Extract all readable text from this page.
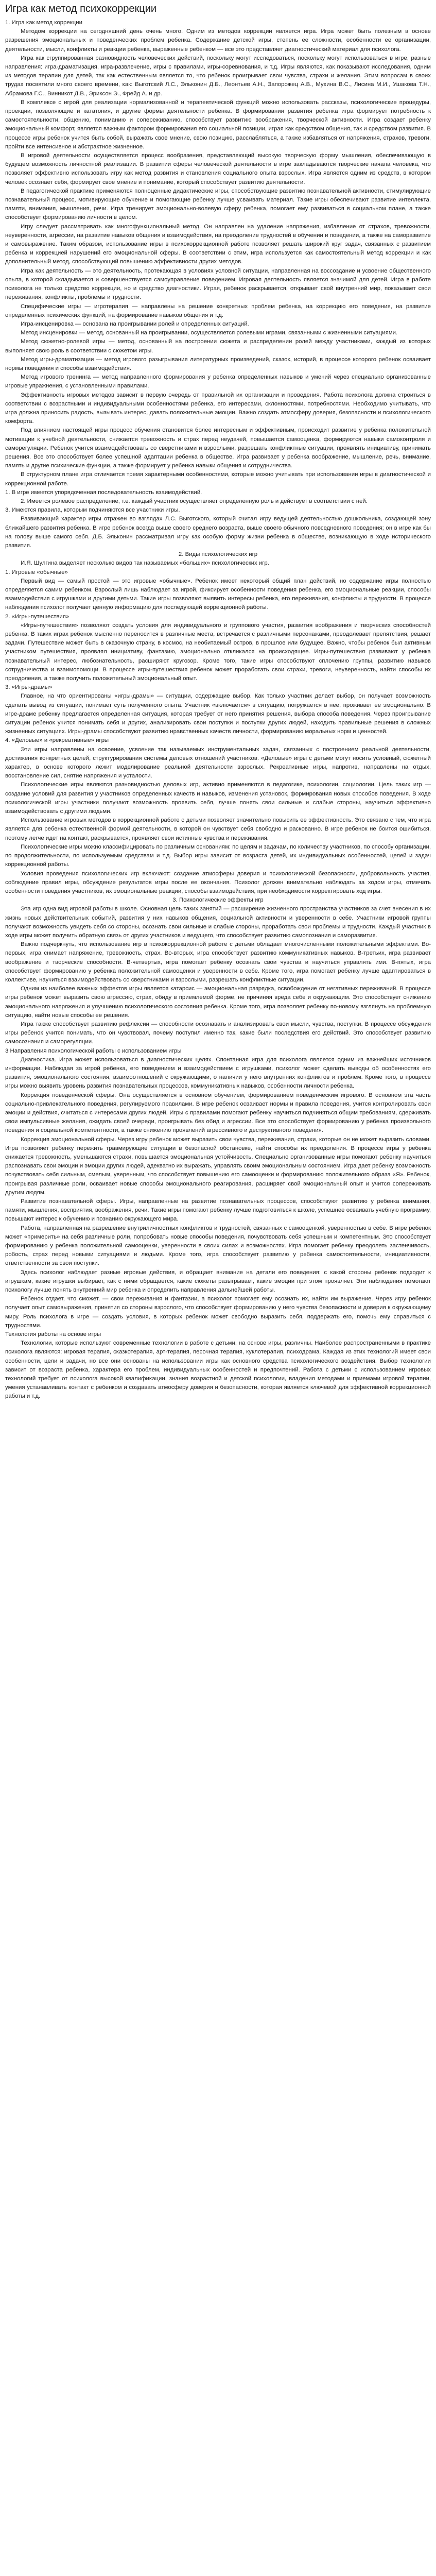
Игра как метод психокоррекции

1. Игра как метод коррекции

Методом коррекции на сегодняшний день очень много. Одним из методов коррекции является игра. Игра может быть полезным в основе разрешения эмоциональных и поведенческих проблем ребенка. Содержание детской игры, степень ее сложности, особенности ее организации, деятельности, мысли, конфликты и реакции ребенка, выраженные ребенком — все это представляет диагностический материал для психолога.

Игра как сгруппированная разновидность человеческих действий, поскольку могут исследоваться, поскольку могут использоваться в игре, разные направления: игра-драматизация, игра-развлечение, игры с правилами, игры-соревнования, и т.д. Игры являются, как показывают исследования, одним из методов терапии для детей, так как естественным является то, что ребенок проигрывает свои чувства, страхи и желания. Этим вопросам в своих трудах посвятили много своего времени, как: Выготский Л.С., Эльконин Д.Б., Леонтьев А.Н., Запорожец А.В., Мухина В.С., Лисина М.И., Ушакова Т.Н., Абрамова Г.С., Винникот Д.В., Эриксон Э., Фрейд А. и др.

В комплексе с игрой для реализации нормализованной и терапевтической функций можно использовать рассказы, психологические процедуры, проекции, позволяющие и кататония, и другие формы деятельности ребенка. В формировании развития ребенка игра формирует потребность к самостоятельности, общению, пониманию и сопереживанию, способствует развитию воображения, творческой активности. Игра создает ребенку эмоциональный комфорт, является важным фактором формирования его социальной позиции, играя как средством общения, так и средством развития. В процессе игры ребенок учится быть собой, выражать свое мнение, свою позицию, расслабляться, а также избавляться от напряжения, страхов, тревоги, пройти все интенсивное и абстрактное жизненное.

В игровой деятельности осуществляется процесс вообразения, представляющий высокую творческую форму мышления, обеспечивающую в будущем возможность личностной реализации. В развитии сферы человеческой деятельности в игре закладываются творческие начала человека, что позволяет эффективно использовать игру как метод развития и становления социального опыта взрослых. Игра является одним из средств, в котором человек осознает себя, формирует свое мнение и понимание, который способствует развитию деятельности.

В педагогической практике применяются полноценные дидактические игры, способствующие развитию познавательной активности, стимулирующие познавательный процесс, мотивирующие обучение и помогающие ребенку лучше усваивать материал. Такие игры обеспечивают развитие интеллекта, памяти, внимания, мышления, речи. Игра тренирует эмоционально-волевую сферу ребенка, помогает ему развиваться в социальном плане, а также способствует формированию личности в целом.

Игру следует рассматривать как многофункциональный метод. Он направлен на удаление напряжения, избавление от страхов, тревожности, неуверенности, агрессии, на развитие навыков общения и взаимодействия, на преодоление трудностей в обучении и поведении, а также на саморазвитие и самовыражение. Таким образом, использование игры в психокоррекционной работе позволяет решать широкий круг задач, связанных с развитием ребенка и коррекцией нарушений его эмоциональной сферы. В соответствии с этим, игра используется как самостоятельный метод коррекции и как дополнительный метод, способствующий повышению эффективности других методов.

Игра как деятельность — это деятельность, протекающая в условиях условной ситуации, направленная на воссоздание и усвоение общественного опыта, в которой складывается и совершенствуется самоуправление поведением. Игровая деятельность является значимой для детей. Игра в работе психолога не только средство коррекции, но и средство диагностики. Играя, ребенок раскрывается, открывает свой внутренний мир, показывает свои переживания, конфликты, проблемы и трудности.

Специфические игры — игротерапия — направлены на решение конкретных проблем ребенка, на коррекцию его поведения, на развитие определенных психических функций, на формирование навыков общения и т.д.

Игра-инсценировка — основана на проигрывании ролей и определенных ситуаций.

Метод инсценировки — метод, основанный на проигрывании, осуществляется ролевыми играми, связанными с жизненными ситуациями.

Метод сюжетно-ролевой игры — метод, основанный на построении сюжета и распределении ролей между участниками, каждый из которых выполняет свою роль в соответствии с сюжетом игры.

Метод игры-драматизации — метод игрового разыгрывания литературных произведений, сказок, историй, в процессе которого ребенок осваивает нормы поведения и способы взаимодействия.

Метод игрового тренинга — метод направленного формирования у ребенка определенных навыков и умений через специально организованные игровые упражнения, с установленными правилами.

Эффективность игровых методов зависит в первую очередь от правильной их организации и проведения. Работа психолога должна строиться в соответствии с возрастными и индивидуальными особенностями ребенка, его интересами, склонностями, потребностями. Необходимо учитывать, что игра должна приносить радость, вызывать интерес, давать положительные эмоции. Важно создать атмосферу доверия, безопасности и психологического комфорта.

Под влиянием настоящей игры процесс обучения становится более интересным и эффективным, происходит развитие у ребенка положительной мотивации к учебной деятельности, снижается тревожность и страх перед неудачей, повышается самооценка, формируются навыки самоконтроля и саморегуляции. Ребенок учится взаимодействовать со сверстниками и взрослыми, разрешать конфликтные ситуации, проявлять инициативу, принимать решения. Все это способствует более успешной адаптации ребенка в обществе. Игра развивает у ребенка воображение, мышление, речь, внимание, память и другие психические функции, а также формирует у ребенка навыки общения и сотрудничества.

В структурном плане игра отличается тремя характерными особенностями, которые можно учитывать при использовании игры в диагностической и коррекционной работе.

1. В игре имеется упорядоченная последовательность взаимодействий.

2. Имеется ролевое распределение, т.е. каждый участник осуществляет определенную роль и действует в соответствии с ней.

3. Имеются правила, которым подчиняются все участники игры.

Развивающий характер игры отражен во взглядах Л.С. Выготского, который считал игру ведущей деятельностью дошкольника, создающей зону ближайшего развития ребенка. В игре ребенок всегда выше своего среднего возраста, выше своего обычного повседневного поведения; он в игре как бы на голову выше самого себя. Д.Б. Эльконин рассматривал игру как особую форму жизни ребенка в обществе, возникающую в ходе исторического развития.

2. Виды психологических игр

И.Я. Шулгина выделяет несколько видов так называемых «больших» психологических игр.

1. Игровые «обычные»

Первый вид — самый простой — это игровые «обычные». Ребенок имеет некоторый общий план действий, но содержание игры полностью определяется самим ребенком. Взрослый лишь наблюдает за игрой, фиксирует особенности поведения ребенка, его эмоциональные реакции, способы взаимодействия с игрушками и другими детьми. Такие игры позволяют выявить интересы ребенка, его переживания, конфликты и трудности. В процессе наблюдения психолог получает ценную информацию для последующей коррекционной работы.

2. «Игры-путешествия»

«Игры-путешествия» позволяют создать условия для индивидуального и группового участия, развития воображения и творческих способностей ребенка. В таких играх ребенок мысленно переносится в различные места, встречается с различными персонажами, преодолевает препятствия, решает задачи. Путешествие может быть в сказочную страну, в космос, на необитаемый остров, в прошлое или будущее. Важно, чтобы ребенок был активным участником путешествия, проявлял инициативу, фантазию, эмоционально откликался на происходящее. Игры-путешествия развивают у ребенка познавательный интерес, любознательность, расширяют кругозор. Кроме того, такие игры способствуют сплочению группы, развитию навыков сотрудничества и взаимопомощи. В процессе игры-путешествия ребенок может проработать свои страхи, тревоги, неуверенность, найти способы их преодоления, а также получить положительный эмоциональный опыт.

3. «Игры-драмы»

Главное, на что ориентированы «игры-драмы» — ситуации, содержащие выбор. Как только участник делает выбор, он получает возможность сделать вывод из ситуации, понимает суть полученного опыта. Участник «включается» в ситуацию, погружается в нее, проживает ее эмоционально. В игре-драме ребенку предлагается определенная ситуация, которая требует от него принятия решения, выбора способа поведения. Через проигрывание ситуации ребенок учится понимать себя и других, анализировать свои поступки и поступки других людей, находить правильные решения в сложных жизненных ситуациях. Игры-драмы способствуют развитию нравственных качеств личности, формированию моральных норм и ценностей.

4. «Деловые» и «рекреативные» игры

Эти игры направлены на освоение, усвоение так называемых инструментальных задач, связанных с построением реальной деятельности, достижения конкретных целей, структурирования системы деловых отношений участников. «Деловые» игры с детьми могут носить условный, сюжетный характер, в основе которого лежит моделирование реальной деятельности взрослых. Рекреативные игры, напротив, направлены на отдых, восстановление сил, снятие напряжения и усталости.

Психологические игры являются разновидностью деловых игр, активно применяются в педагогике, психологии, социологии. Цель таких игр — создание условий для развития у участников определенных качеств и навыков, изменения установок, формирования новых способов поведения. В ходе психологической игры участники получают возможность проявить себя, лучше понять свои сильные и слабые стороны, научиться эффективно взаимодействовать с другими людьми.

Использование игровых методов в коррекционной работе с детьми позволяет значительно повысить ее эффективность. Это связано с тем, что игра является для ребенка естественной формой деятельности, в которой он чувствует себя свободно и раскованно. В игре ребенок не боится ошибиться, поэтому легче идет на контакт, раскрывается, проявляет свои истинные чувства и переживания.

Психологические игры можно классифицировать по различным основаниям: по целям и задачам, по количеству участников, по способу организации, по продолжительности, по используемым средствам и т.д. Выбор игры зависит от возраста детей, их индивидуальных особенностей, целей и задач коррекционной работы.

Условия проведения психологических игр включают: создание атмосферы доверия и психологической безопасности, добровольность участия, соблюдение правил игры, обсуждение результатов игры после ее окончания. Психолог должен внимательно наблюдать за ходом игры, отмечать особенности поведения участников, их эмоциональные реакции, способы взаимодействия, при необходимости корректировать ход игры.

3. Психологические эффекты игр

Эта игр одна вид игровой работы в школе. Основная цель таких занятий — расширение жизненного пространства участников за счет внесения в их жизнь новых действительных событий, развития у них навыков общения, социальной активности и уверенности в себе. Участники игровой группы получают возможность увидеть себя со стороны, осознать свои сильные и слабые стороны, проработать свои проблемы и трудности. Каждый участник в ходе игры может получить обратную связь от других участников и ведущего, что способствует развитию самопознания и саморазвития.

Важно подчеркнуть, что использование игр в психокоррекционной работе с детьми обладает многочисленными положительными эффектами. Во-первых, игра снимает напряжение, тревожность, страх. Во-вторых, игра способствует развитию коммуникативных навыков. В-третьих, игра развивает воображение и творческие способности. В-четвертых, игра помогает ребенку осознать свои чувства и научиться управлять ими. В-пятых, игра способствует формированию у ребенка положительной самооценки и уверенности в себе. Кроме того, игра помогает ребенку лучше адаптироваться в коллективе, научиться взаимодействовать со сверстниками и взрослыми, разрешать конфликтные ситуации.

Одним из наиболее важных эффектов игры является катарсис — эмоциональная разрядка, освобождение от негативных переживаний. В процессе игры ребенок может выразить свою агрессию, страх, обиду в приемлемой форме, не причиняя вреда себе и окружающим. Это способствует снижению эмоционального напряжения и улучшению психологического состояния ребенка. Кроме того, игра позволяет ребенку по-новому взглянуть на проблемную ситуацию, найти новые способы ее решения.

Игра также способствует развитию рефлексии — способности осознавать и анализировать свои мысли, чувства, поступки. В процессе обсуждения игры ребенок учится понимать, что он чувствовал, почему поступил именно так, какие были последствия его действий. Это способствует развитию самосознания и саморегуляции.

3 Направления психологической работы с использованием игры

Диагностика. Игра может использоваться в диагностических целях. Спонтанная игра для психолога является одним из важнейших источников информации. Наблюдая за игрой ребенка, его поведением и взаимодействием с игрушками, психолог может сделать выводы об особенностях его развития, эмоционального состояния, взаимоотношений с окружающими, о наличии у него внутренних конфликтов и проблем. Кроме того, в процессе игры можно выявить уровень развития познавательных процессов, коммуникативных навыков, особенности личности ребенка.

Коррекция поведенческой сферы. Она осуществляется в основном обучением, формированием поведенческим игрового. В основном эта часть социально-привлекательного поведения, регулируемого правилами. В игре ребенок осваивает нормы и правила поведения, учится контролировать свои эмоции и действия, считаться с интересами других людей. Игры с правилами помогают ребенку научиться подчиняться общим требованиям, сдерживать свои импульсивные желания, ожидать своей очереди, проигрывать без обид и агрессии. Все это способствует формированию у ребенка произвольного поведения и социальной компетентности, а также снижению проявлений агрессивного и деструктивного поведения.

Коррекция эмоциональной сферы. Через игру ребенок может выразить свои чувства, переживания, страхи, которые он не может выразить словами. Игра позволяет ребенку пережить травмирующие ситуации в безопасной обстановке, найти способы их преодоления. В процессе игры у ребенка снижается тревожность, уменьшаются страхи, повышается эмоциональная устойчивость. Специально организованные игры помогают ребенку научиться распознавать свои эмоции и эмоции других людей, адекватно их выражать, управлять своим эмоциональным состоянием. Игра дает ребенку возможность почувствовать себя сильным, смелым, уверенным, что способствует повышению его самооценки и формированию положительного образа «Я». Ребенок, проигрывая различные роли, осваивает новые способы эмоционального реагирования, расширяет свой эмоциональный опыт и учится сопереживать другим людям.

Развитие познавательной сферы. Игры, направленные на развитие познавательных процессов, способствуют развитию у ребенка внимания, памяти, мышления, восприятия, воображения, речи. Такие игры помогают ребенку лучше подготовиться к школе, успешнее осваивать учебную программу, повышают интерес к обучению и познанию окружающего мира.

Работа, направленная на разрешение внутриличностных конфликтов и трудностей, связанных с самооценкой, уверенностью в себе. В игре ребенок может «примерить» на себя различные роли, попробовать новые способы поведения, почувствовать себя успешным и компетентным. Это способствует формированию у ребенка положительной самооценки, уверенности в своих силах и возможностях. Игра помогает ребенку преодолеть застенчивость, робость, страх перед новыми ситуациями и людьми. Кроме того, игра способствует развитию у ребенка самостоятельности, инициативности, ответственности за свои поступки.

Здесь психолог наблюдает разные игровые действия, и обращает внимание на детали его поведения: с какой стороны ребенок подходит к игрушкам, какие игрушки выбирает, как с ними обращается, какие сюжеты разыгрывает, какие эмоции при этом проявляет. Эти наблюдения помогают психологу лучше понять внутренний мир ребенка и определить направления дальнейшей работы.

Ребенок отдает, что сможет, — свои переживания и фантазии, а психолог помогает ему осознать их, найти им выражение. Через игру ребенок получает опыт самовыражения, принятия со стороны взрослого, что способствует формированию у него чувства безопасности и доверия к окружающему миру. Роль психолога в игре — создать условия, в которых ребенок может свободно выразить себя, поддержать его, помочь ему справиться с трудностями.

Технология работы на основе игры

Технологии, которые используют современные технологии в работе с детьми, на основе игры, различны. Наиболее распространенными в практике психолога являются: игровая терапия, сказкотерапия, арт-терапия, песочная терапия, куклотерапия, психодрама. Каждая из этих технологий имеет свои особенности, цели и задачи, но все они основаны на использовании игры как основного средства психологического воздействия. Выбор технологии зависит от возраста ребенка, характера его проблем, индивидуальных особенностей и предпочтений. Работа с детьми с использованием игровых технологий требует от психолога высокой квалификации, знания возрастной и детской психологии, владения методами и приемами игровой терапии, умения устанавливать контакт с ребенком и создавать атмосферу доверия и безопасности, которая является ключевой для эффективной коррекционной работы и т.д.
